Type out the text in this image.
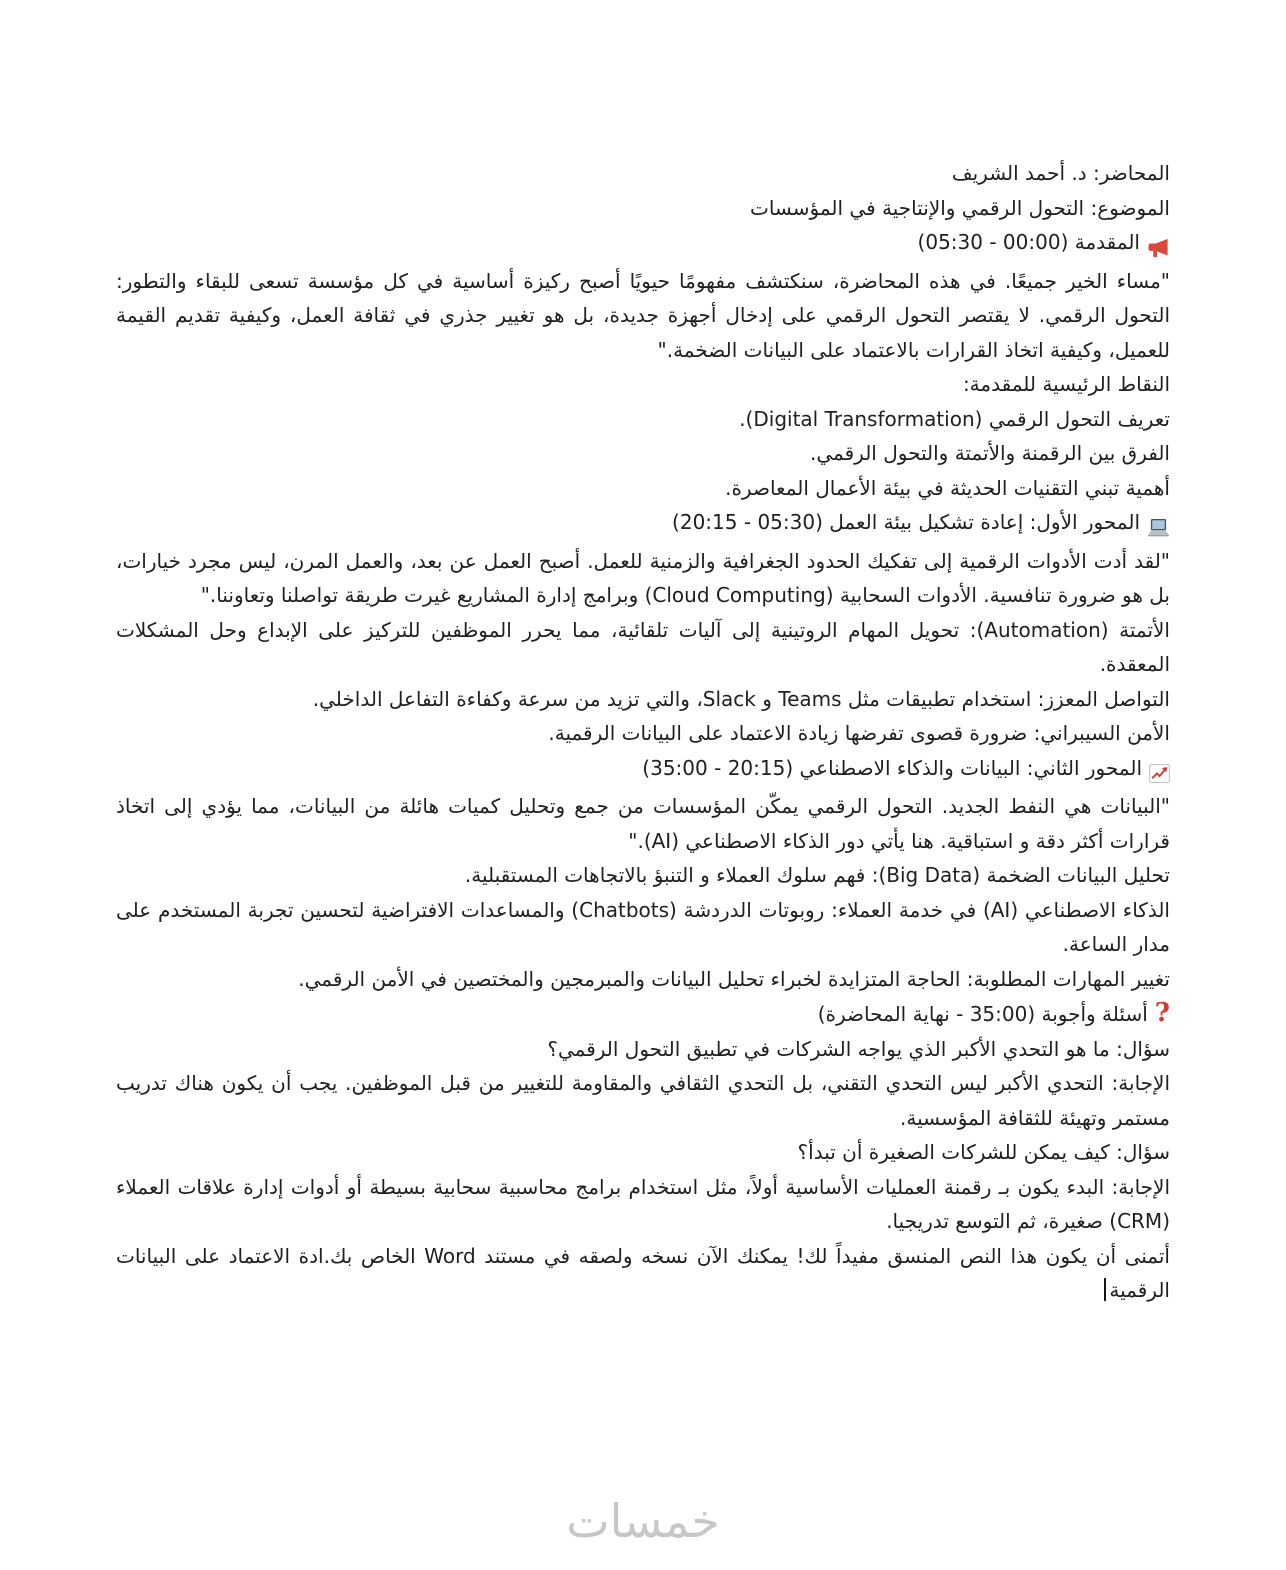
المحاضر: د. أحمد الشريف

الموضوع: التحول الرقمي والإنتاجية في المؤسسات

المقدمة (00:00 - 05:30)

"مساء الخير جميعًا. في هذه المحاضرة، سنكتشف مفهومًا حيويًا أصبح ركيزة أساسية في كل مؤسسة تسعى للبقاء والتطور: التحول الرقمي. لا يقتصر التحول الرقمي على إدخال أجهزة جديدة، بل هو تغيير جذري في ثقافة العمل، وكيفية تقديم القيمة للعميل، وكيفية اتخاذ القرارات بالاعتماد على البيانات الضخمة."

النقاط الرئيسية للمقدمة:

تعريف التحول الرقمي (Digital Transformation).

الفرق بين الرقمنة والأتمتة والتحول الرقمي.

أهمية تبني التقنيات الحديثة في بيئة الأعمال المعاصرة.

المحور الأول: إعادة تشكيل بيئة العمل (05:30 - 20:15)

"لقد أدت الأدوات الرقمية إلى تفكيك الحدود الجغرافية والزمنية للعمل. أصبح العمل عن بعد، والعمل المرن، ليس مجرد خيارات، بل هو ضرورة تنافسية. الأدوات السحابية (Cloud Computing) وبرامج إدارة المشاريع غيرت طريقة تواصلنا وتعاوننا."

الأتمتة (Automation): تحويل المهام الروتينية إلى آليات تلقائية، مما يحرر الموظفين للتركيز على الإبداع وحل المشكلات المعقدة.

التواصل المعزز: استخدام تطبيقات مثل Teams و Slack، والتي تزيد من سرعة وكفاءة التفاعل الداخلي.

الأمن السيبراني: ضرورة قصوى تفرضها زيادة الاعتماد على البيانات الرقمية.

المحور الثاني: البيانات والذكاء الاصطناعي (20:15 - 35:00)

"البيانات هي النفط الجديد. التحول الرقمي يمكّن المؤسسات من جمع وتحليل كميات هائلة من البيانات، مما يؤدي إلى اتخاذ قرارات أكثر دقة و استباقية. هنا يأتي دور الذكاء الاصطناعي (AI)."

تحليل البيانات الضخمة (Big Data): فهم سلوك العملاء و التنبؤ بالاتجاهات المستقبلية.

الذكاء الاصطناعي (AI) في خدمة العملاء: روبوتات الدردشة (Chatbots) والمساعدات الافتراضية لتحسين تجربة المستخدم على مدار الساعة.

تغيير المهارات المطلوبة: الحاجة المتزايدة لخبراء تحليل البيانات والمبرمجين والمختصين في الأمن الرقمي.

?أسئلة وأجوبة (35:00 - نهاية المحاضرة)

سؤال: ما هو التحدي الأكبر الذي يواجه الشركات في تطبيق التحول الرقمي؟

الإجابة: التحدي الأكبر ليس التحدي التقني، بل التحدي الثقافي والمقاومة للتغيير من قبل الموظفين. يجب أن يكون هناك تدريب مستمر وتهيئة للثقافة المؤسسية.

سؤال: كيف يمكن للشركات الصغيرة أن تبدأ؟

الإجابة: البدء يكون بـ رقمنة العمليات الأساسية أولاً، مثل استخدام برامج محاسبية سحابية بسيطة أو أدوات إدارة علاقات العملاء (CRM) صغيرة، ثم التوسع تدريجيا.

أتمنى أن يكون هذا النص المنسق مفيداً لك! يمكنك الآن نسخه ولصقه في مستند Word الخاص بك.ادة الاعتماد على البيانات الرقمية

خمسات
